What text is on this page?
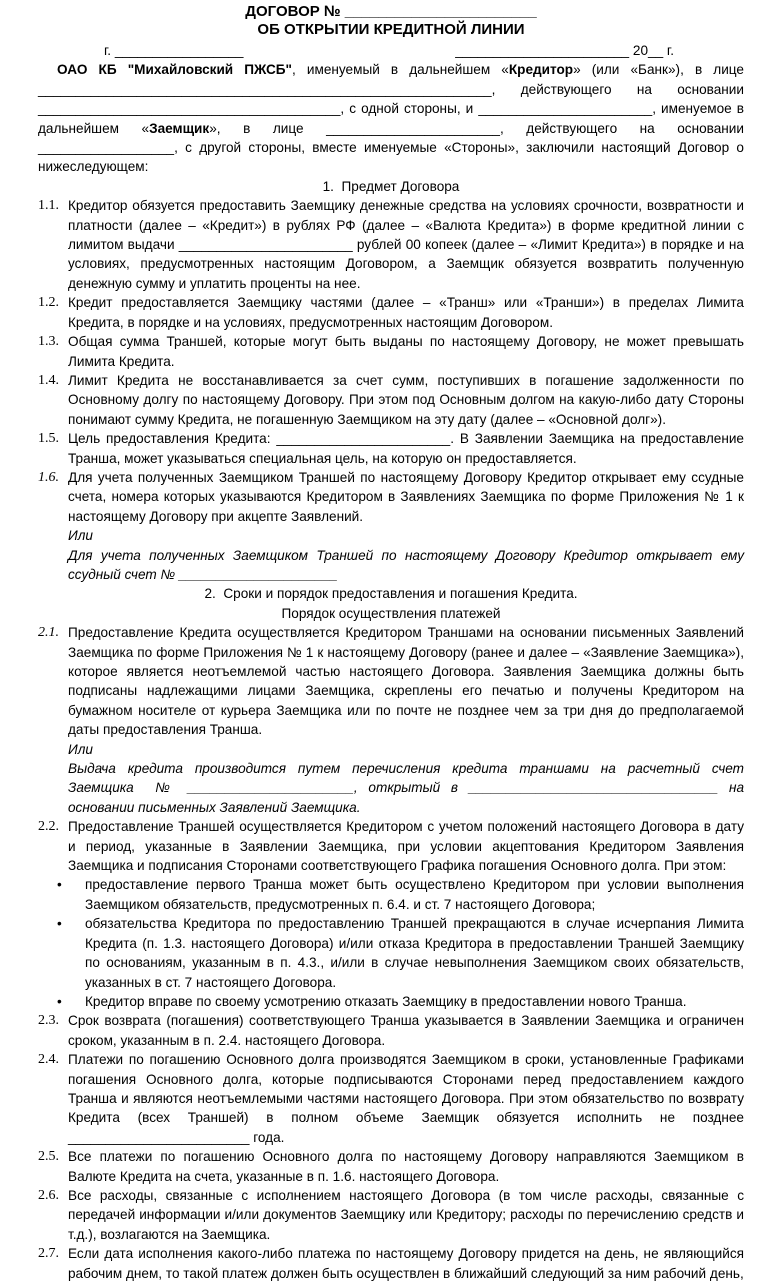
ДОГОВОР № _______________________
ОБ ОТКРЫТИИ КРЕДИТНОЙ ЛИНИИ
г. _________________	_______________________ 20__ г.
ОАО КБ "Михайловский ПЖСБ", именуемый в дальнейшем «Кредитор» (или «Банк»), в лице ____________________________________________________________, действующего на основании ________________________________________, с одной стороны, и _______________________, именуемое в дальнейшем «Заемщик», в лице _______________________, действующего на основании __________________, с другой стороны, вместе именуемые «Стороны», заключили настоящий Договор о нижеследующем:
1.  Предмет Договора
1.1. Кредитор обязуется предоставить Заемщику денежные средства на условиях срочности, возвратности и платности (далее – «Кредит») в рублях РФ (далее – «Валюта Кредита») в форме кредитной линии с лимитом выдачи _______________________ рублей 00 копеек (далее – «Лимит Кредита») в порядке и на условиях, предусмотренных настоящим Договором, а Заемщик обязуется возвратить полученную денежную сумму и уплатить проценты на нее.
1.2. Кредит предоставляется Заемщику частями (далее – «Транш» или «Транши») в пределах Лимита Кредита, в порядке и на условиях, предусмотренных настоящим Договором.
1.3. Общая сумма Траншей, которые могут быть выданы по настоящему Договору, не может превышать Лимита Кредита.
1.4. Лимит Кредита не восстанавливается за счет сумм, поступивших в погашение задолженности по Основному долгу по настоящему Договору. При этом под Основным долгом на какую-либо дату Стороны понимают сумму Кредита, не погашенную Заемщиком на эту дату (далее – «Основной долг»).
1.5. Цель предоставления Кредита: _______________________. В Заявлении Заемщика на предоставление Транша, может указываться специальная цель, на которую он предоставляется.
1.6. Для учета полученных Заемщиком Траншей по настоящему Договору Кредитор открывает ему ссудные счета, номера которых указываются Кредитором в Заявлениях Заемщика по форме Приложения № 1 к настоящему Договору при акцепте Заявлений.
Или
Для учета полученных Заемщиком Траншей по настоящему Договору Кредитор открывает ему ссудный счет № _____________________
2.  Сроки и порядок предоставления и погашения Кредита.
Порядок осуществления платежей
2.1. Предоставление Кредита осуществляется Кредитором Траншами на основании письменных Заявлений Заемщика по форме Приложения № 1 к настоящему Договору (ранее и далее – «Заявление Заемщика»), которое является неотъемлемой частью настоящего Договора. Заявления Заемщика должны быть подписаны надлежащими лицами Заемщика, скреплены его печатью и получены Кредитором на бумажном носителе от курьера Заемщика или по почте не позднее чем за три дня до предполагаемой даты предоставления Транша.
Или
Выдача кредита производится путем перечисления кредита траншами на расчетный счет Заемщика  № ______________________, открытый в _________________________________ на основании письменных Заявлений Заемщика.
2.2. Предоставление Траншей осуществляется Кредитором с учетом положений настоящего Договора в дату и период, указанные в Заявлении Заемщика, при условии акцептования Кредитором Заявления Заемщика и подписания Сторонами соответствующего Графика погашения Основного долга. При этом:
• предоставление первого Транша может быть осуществлено Кредитором при условии выполнения Заемщиком обязательств, предусмотренных п. 6.4. и ст. 7 настоящего Договора;
• обязательства Кредитора по предоставлению Траншей прекращаются в случае исчерпания Лимита Кредита (п. 1.3. настоящего Договора) и/или отказа Кредитора в предоставлении Траншей Заемщику по основаниям, указанным в п. 4.3., и/или в случае невыполнения Заемщиком своих обязательств, указанных в ст. 7 настоящего Договора.
• Кредитор вправе по своему усмотрению отказать Заемщику в предоставлении нового Транша.
2.3. Срок возврата (погашения) соответствующего Транша указывается в Заявлении Заемщика и ограничен сроком, указанным в п. 2.4. настоящего Договора.
2.4. Платежи по погашению Основного долга производятся Заемщиком в сроки, установленные Графиками погашения Основного долга, которые подписываются Сторонами перед предоставлением каждого Транша и являются неотъемлемыми частями настоящего Договора. При этом обязательство по возврату Кредита (всех Траншей) в полном объеме Заемщик обязуется исполнить не позднее ________________________ года.
2.5. Все платежи по погашению Основного долга по настоящему Договору направляются Заемщиком в Валюте Кредита на счета, указанные в п. 1.6. настоящего Договора.
2.6. Все расходы, связанные с исполнением настоящего Договора (в том числе расходы, связанные с передачей информации и/или документов Заемщику или Кредитору; расходы по перечислению средств и т.д.), возлагаются на Заемщика.
2.7. Если дата исполнения какого-либо платежа по настоящему Договору придется на день, не являющийся рабочим днем, то такой платеж должен быть осуществлен в ближайший следующий за ним рабочий день,
